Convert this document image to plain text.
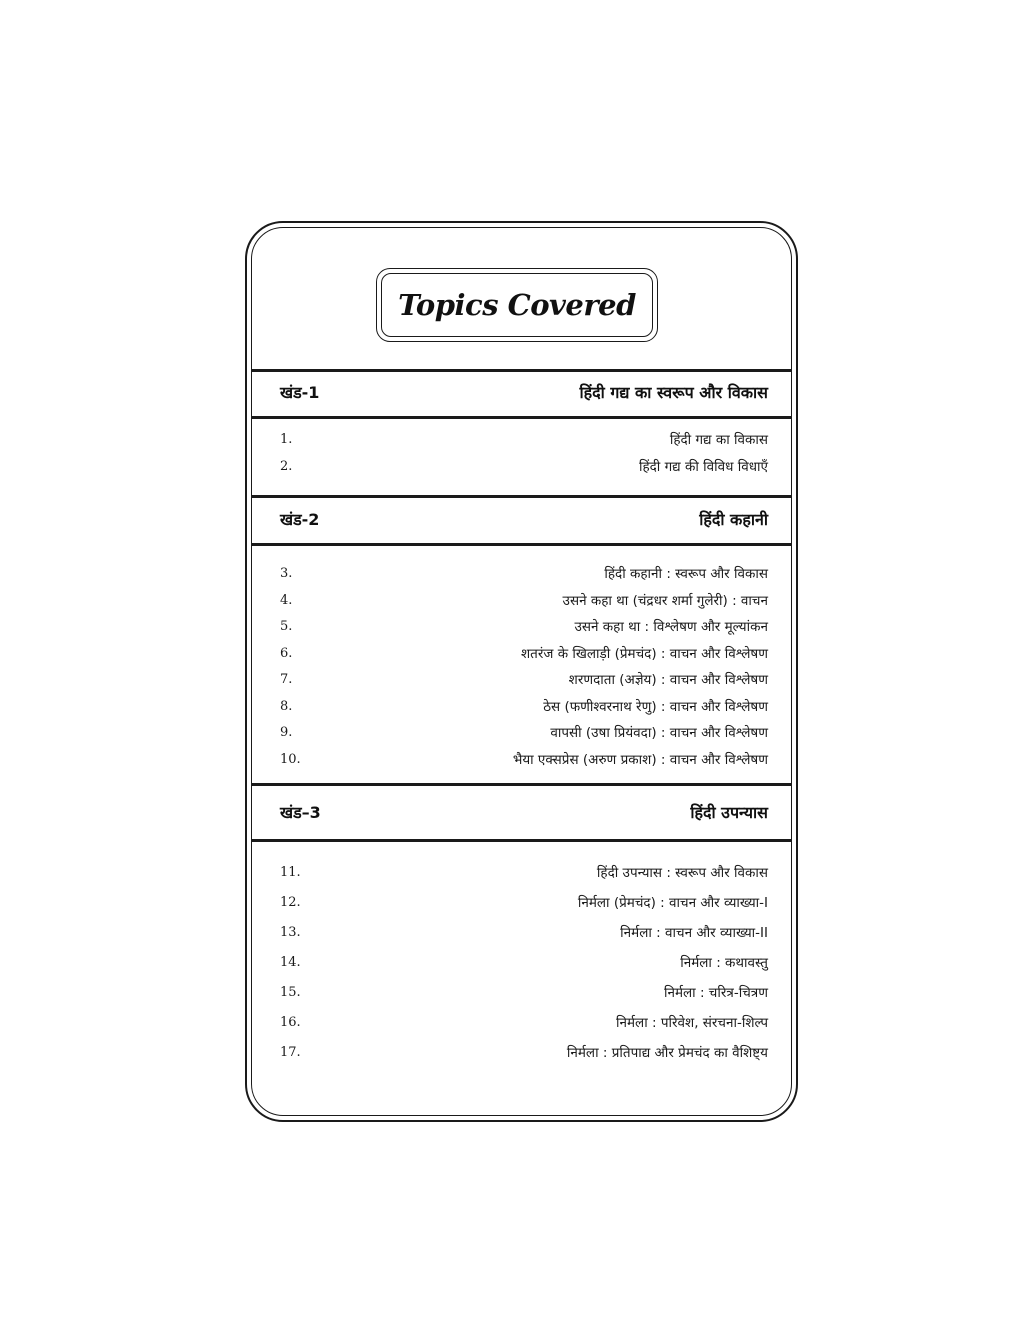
Topics Covered
खंड-1	हिंदी गद्य का स्वरूप और विकास
1.	हिंदी गद्य का विकास
2.	हिंदी गद्य की विविध विधाएँ
खंड-2	हिंदी कहानी
3.	हिंदी कहानी : स्वरूप और विकास
4.	उसने कहा था (चंद्रधर शर्मा गुलेरी) : वाचन
5.	उसने कहा था : विश्लेषण और मूल्यांकन
6.	शतरंज के खिलाड़ी (प्रेमचंद) : वाचन और विश्लेषण
7.	शरणदाता (अज्ञेय) : वाचन और विश्लेषण
8.	ठेस (फणीश्वरनाथ रेणु) : वाचन और विश्लेषण
9.	वापसी (उषा प्रियंवदा) : वाचन और विश्लेषण
10.	भैया एक्सप्रेस (अरुण प्रकाश) : वाचन और विश्लेषण
खंड–3	हिंदी उपन्यास
11.	हिंदी उपन्यास : स्वरूप और विकास
12.	निर्मला (प्रेमचंद) : वाचन और व्याख्या-I
13.	निर्मला : वाचन और व्याख्या-II
14.	निर्मला : कथावस्तु
15.	निर्मला : चरित्र-चित्रण
16.	निर्मला : परिवेश, संरचना-शिल्प
17.	निर्मला : प्रतिपाद्य और प्रेमचंद का वैशिष्ट्य
